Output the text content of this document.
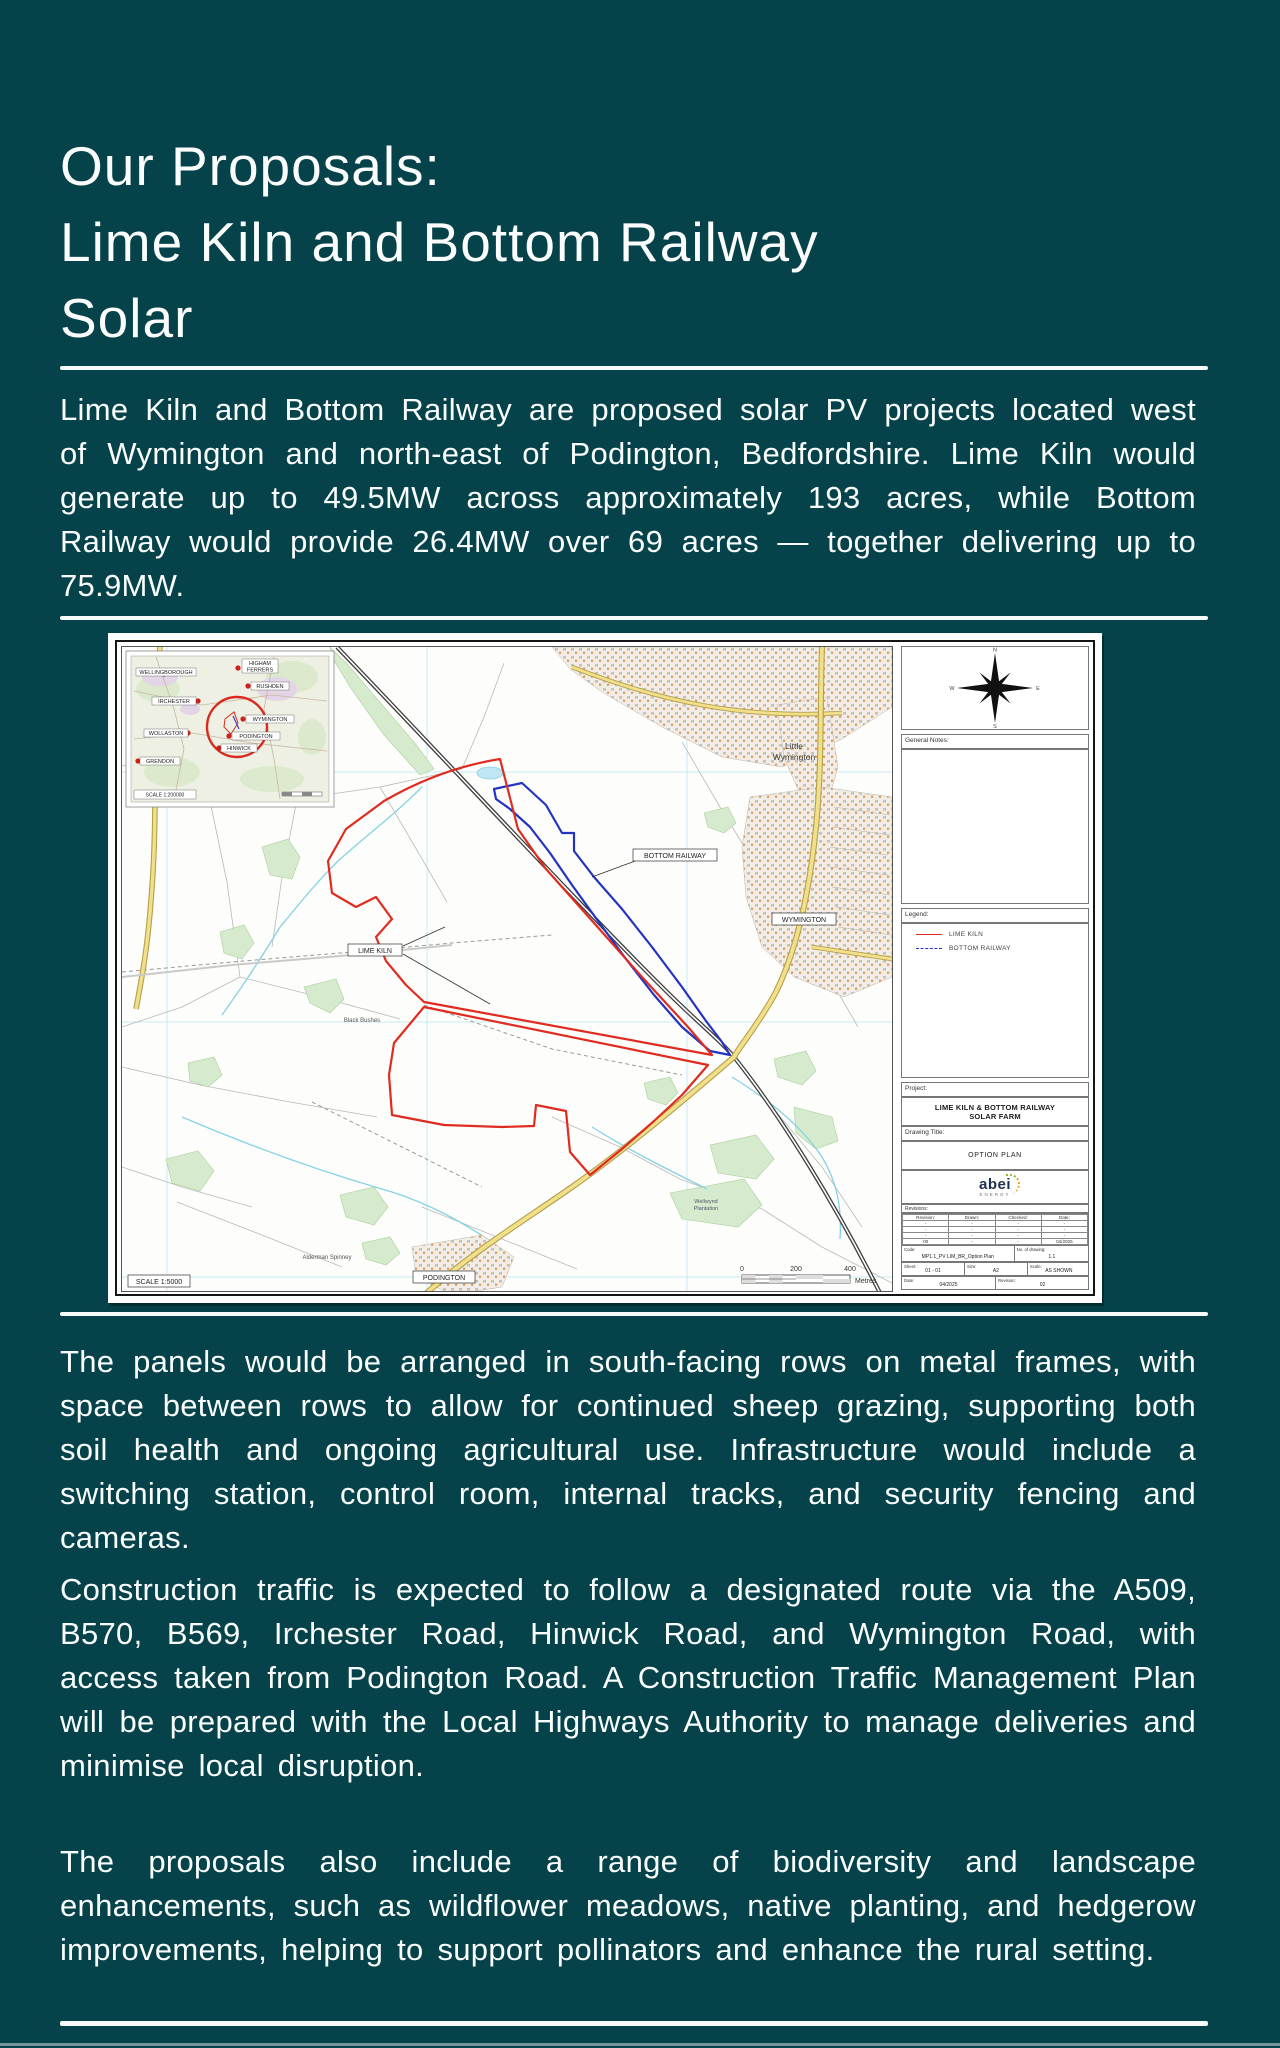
Our Proposals:
Lime Kiln and Bottom Railway
Solar

Lime Kiln and Bottom Railway are proposed solar PV projects located west of Wymington and north-east of Podington, Bedfordshire. Lime Kiln would generate up to 49.5MW across approximately 193 acres, while Bottom Railway would provide 26.4MW over 69 acres — together delivering up to 75.9MW.

BOTTOM RAILWAY
LIME KILN
WYMINGTON
PODINGTON
SCALE 1:5000
Little
Wymington
Black Bushes
Alderman Spinney
Wellwynd
Plantation
0	200	400
Metres
WELLINGBOROUGH
HIGHAM
FERRERS
RUSHDEN
IRCHESTER
WYMINGTON
PODINGTON
WOLLASTON
HINWICK
GRENDON
SCALE 1:200000
N
S
W	E
General Notes:
Legend:
LIME KILN
BOTTOM RAILWAY
Project:
LIME KILN & BOTTOM RAILWAY
SOLAR FARM
Drawing Title:
OPTION PLAN
abei
ENERGY
Revisions:
Revision:	Drawn:	Checked:	Date:
-	-	-	-
-	-	-	-
-	-	-	-
00	-	-	04/2025
Code:
MP1.1_PV LIM_BR_Option Plan
No. of drawing:
1.1
Sheet:
01 - 01
Size:
A2
Scale:
AS SHOWN
Date:
04/2025
Revision:
02

The panels would be arranged in south-facing rows on metal frames, with space between rows to allow for continued sheep grazing, supporting both soil health and ongoing agricultural use. Infrastructure would include a switching station, control room, internal tracks, and security fencing and cameras.

Construction traffic is expected to follow a designated route via the A509, B570, B569, Irchester Road, Hinwick Road, and Wymington Road, with access taken from Podington Road. A Construction Traffic Management Plan will be prepared with the Local Highways Authority to manage deliveries and minimise local disruption.

The proposals also include a range of biodiversity and landscape enhancements, such as wildflower meadows, native planting, and hedgerow improvements, helping to support pollinators and enhance the rural setting.
